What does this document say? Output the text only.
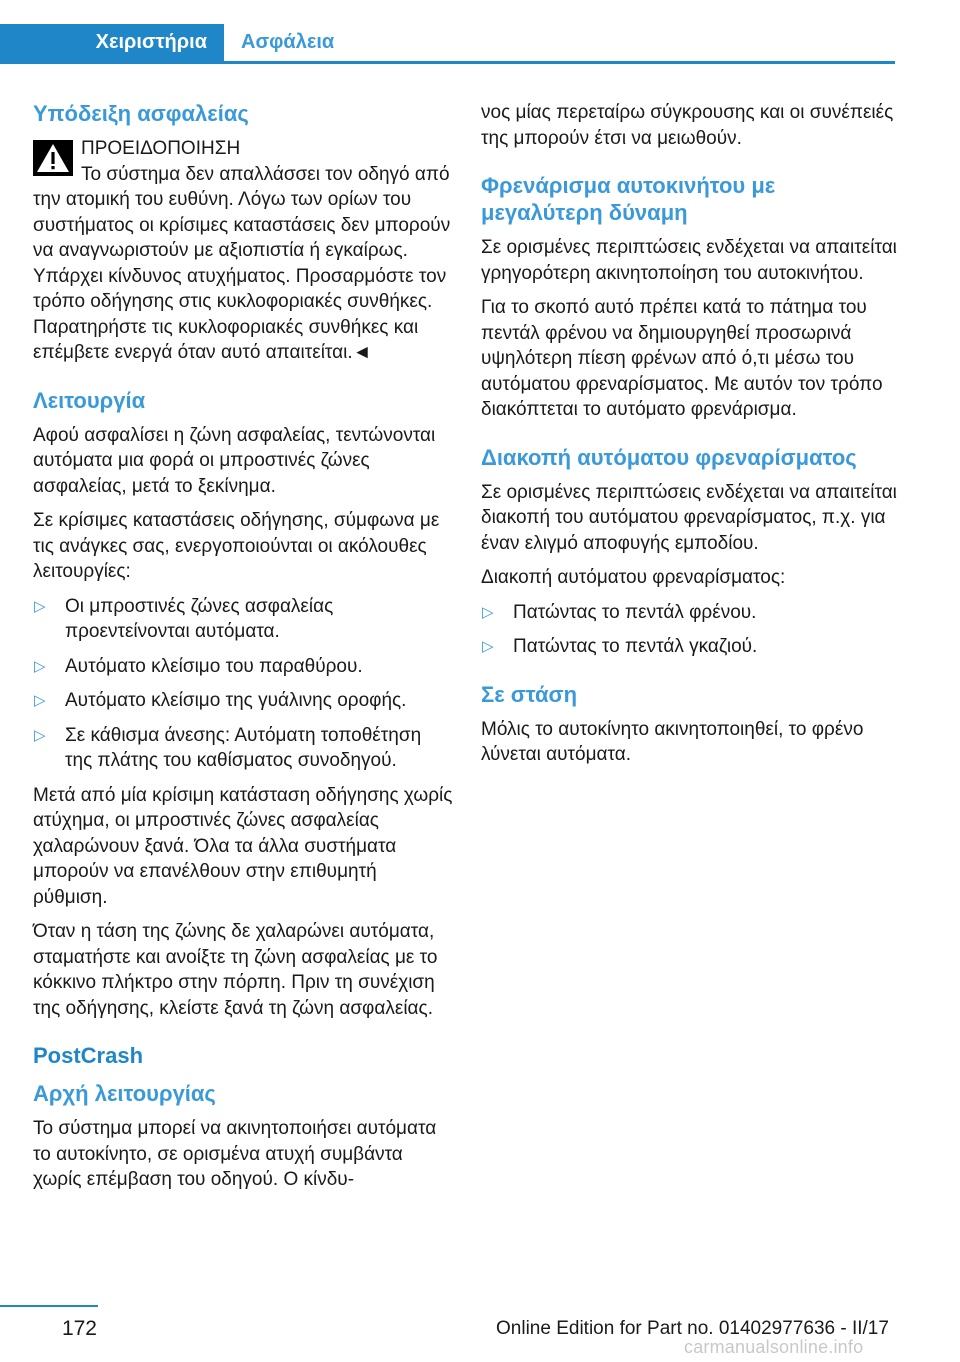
Χειριστήρια	Ασφάλεια
Υπόδειξη ασφαλείας
ΠΡΟΕΙΔΟΠΟΙΗΣΗ
Το σύστημα δεν απαλλάσσει τον οδηγό από την ατομική του ευθύνη. Λόγω των ορίων του συστήματος οι κρίσιμες καταστάσεις δεν μπορούν να αναγνωριστούν με αξιοπιστία ή εγκαίρως. Υπάρχει κίνδυνος ατυχήματος. Προσαρμόστε τον τρόπο οδήγησης στις κυκλοφοριακές συνθήκες. Παρατηρήστε τις κυκλοφοριακές συνθήκες και επέμβετε ενεργά όταν αυτό απαιτείται.◄
Λειτουργία

Αφού ασφαλίσει η ζώνη ασφαλείας, τεντώνονται αυτόματα μια φορά οι μπροστινές ζώνες ασφαλείας, μετά το ξεκίνημα.

Σε κρίσιμες καταστάσεις οδήγησης, σύμφωνα με τις ανάγκες σας, ενεργοποιούνται οι ακόλουθες λειτουργίες:

▷ Οι μπροστινές ζώνες ασφαλείας προεντείνονται αυτόματα.
▷ Αυτόματο κλείσιμο του παραθύρου.
▷ Αυτόματο κλείσιμο της γυάλινης οροφής.
▷ Σε κάθισμα άνεσης: Αυτόματη τοποθέτηση της πλάτης του καθίσματος συνοδηγού.

Μετά από μία κρίσιμη κατάσταση οδήγησης χωρίς ατύχημα, οι μπροστινές ζώνες ασφαλείας χαλαρώνουν ξανά. Όλα τα άλλα συστήματα μπορούν να επανέλθουν στην επιθυμητή ρύθμιση.

Όταν η τάση της ζώνης δε χαλαρώνει αυτόματα, σταματήστε και ανοίξτε τη ζώνη ασφαλείας με το κόκκινο πλήκτρο στην πόρπη. Πριν τη συνέχιση της οδήγησης, κλείστε ξανά τη ζώνη ασφαλείας.

PostCrash
Αρχή λειτουργίας

Το σύστημα μπορεί να ακινητοποιήσει αυτόματα το αυτοκίνητο, σε ορισμένα ατυχή συμβάντα χωρίς επέμβαση του οδηγού. Ο κίνδυ-

νος μίας περεταίρω σύγκρουσης και οι συνέπειές της μπορούν έτσι να μειωθούν.

Φρενάρισμα αυτοκινήτου με μεγαλύτερη δύναμη

Σε ορισμένες περιπτώσεις ενδέχεται να απαιτείται γρηγορότερη ακινητοποίηση του αυτοκινήτου.

Για το σκοπό αυτό πρέπει κατά το πάτημα του πεντάλ φρένου να δημιουργηθεί προσωρινά υψηλότερη πίεση φρένων από ό,τι μέσω του αυτόματου φρεναρίσματος. Με αυτόν τον τρόπο διακόπτεται το αυτόματο φρενάρισμα.

Διακοπή αυτόματου φρεναρίσματος

Σε ορισμένες περιπτώσεις ενδέχεται να απαιτείται διακοπή του αυτόματου φρεναρίσματος, π.χ. για έναν ελιγμό αποφυγής εμποδίου.

Διακοπή αυτόματου φρεναρίσματος:

▷ Πατώντας το πεντάλ φρένου.
▷ Πατώντας το πεντάλ γκαζιού.
Σε στάση

Μόλις το αυτοκίνητο ακινητοποιηθεί, το φρένο λύνεται αυτόματα.

172	Online Edition for Part no. 01402977636 - II/17
carmanualsonline.info
